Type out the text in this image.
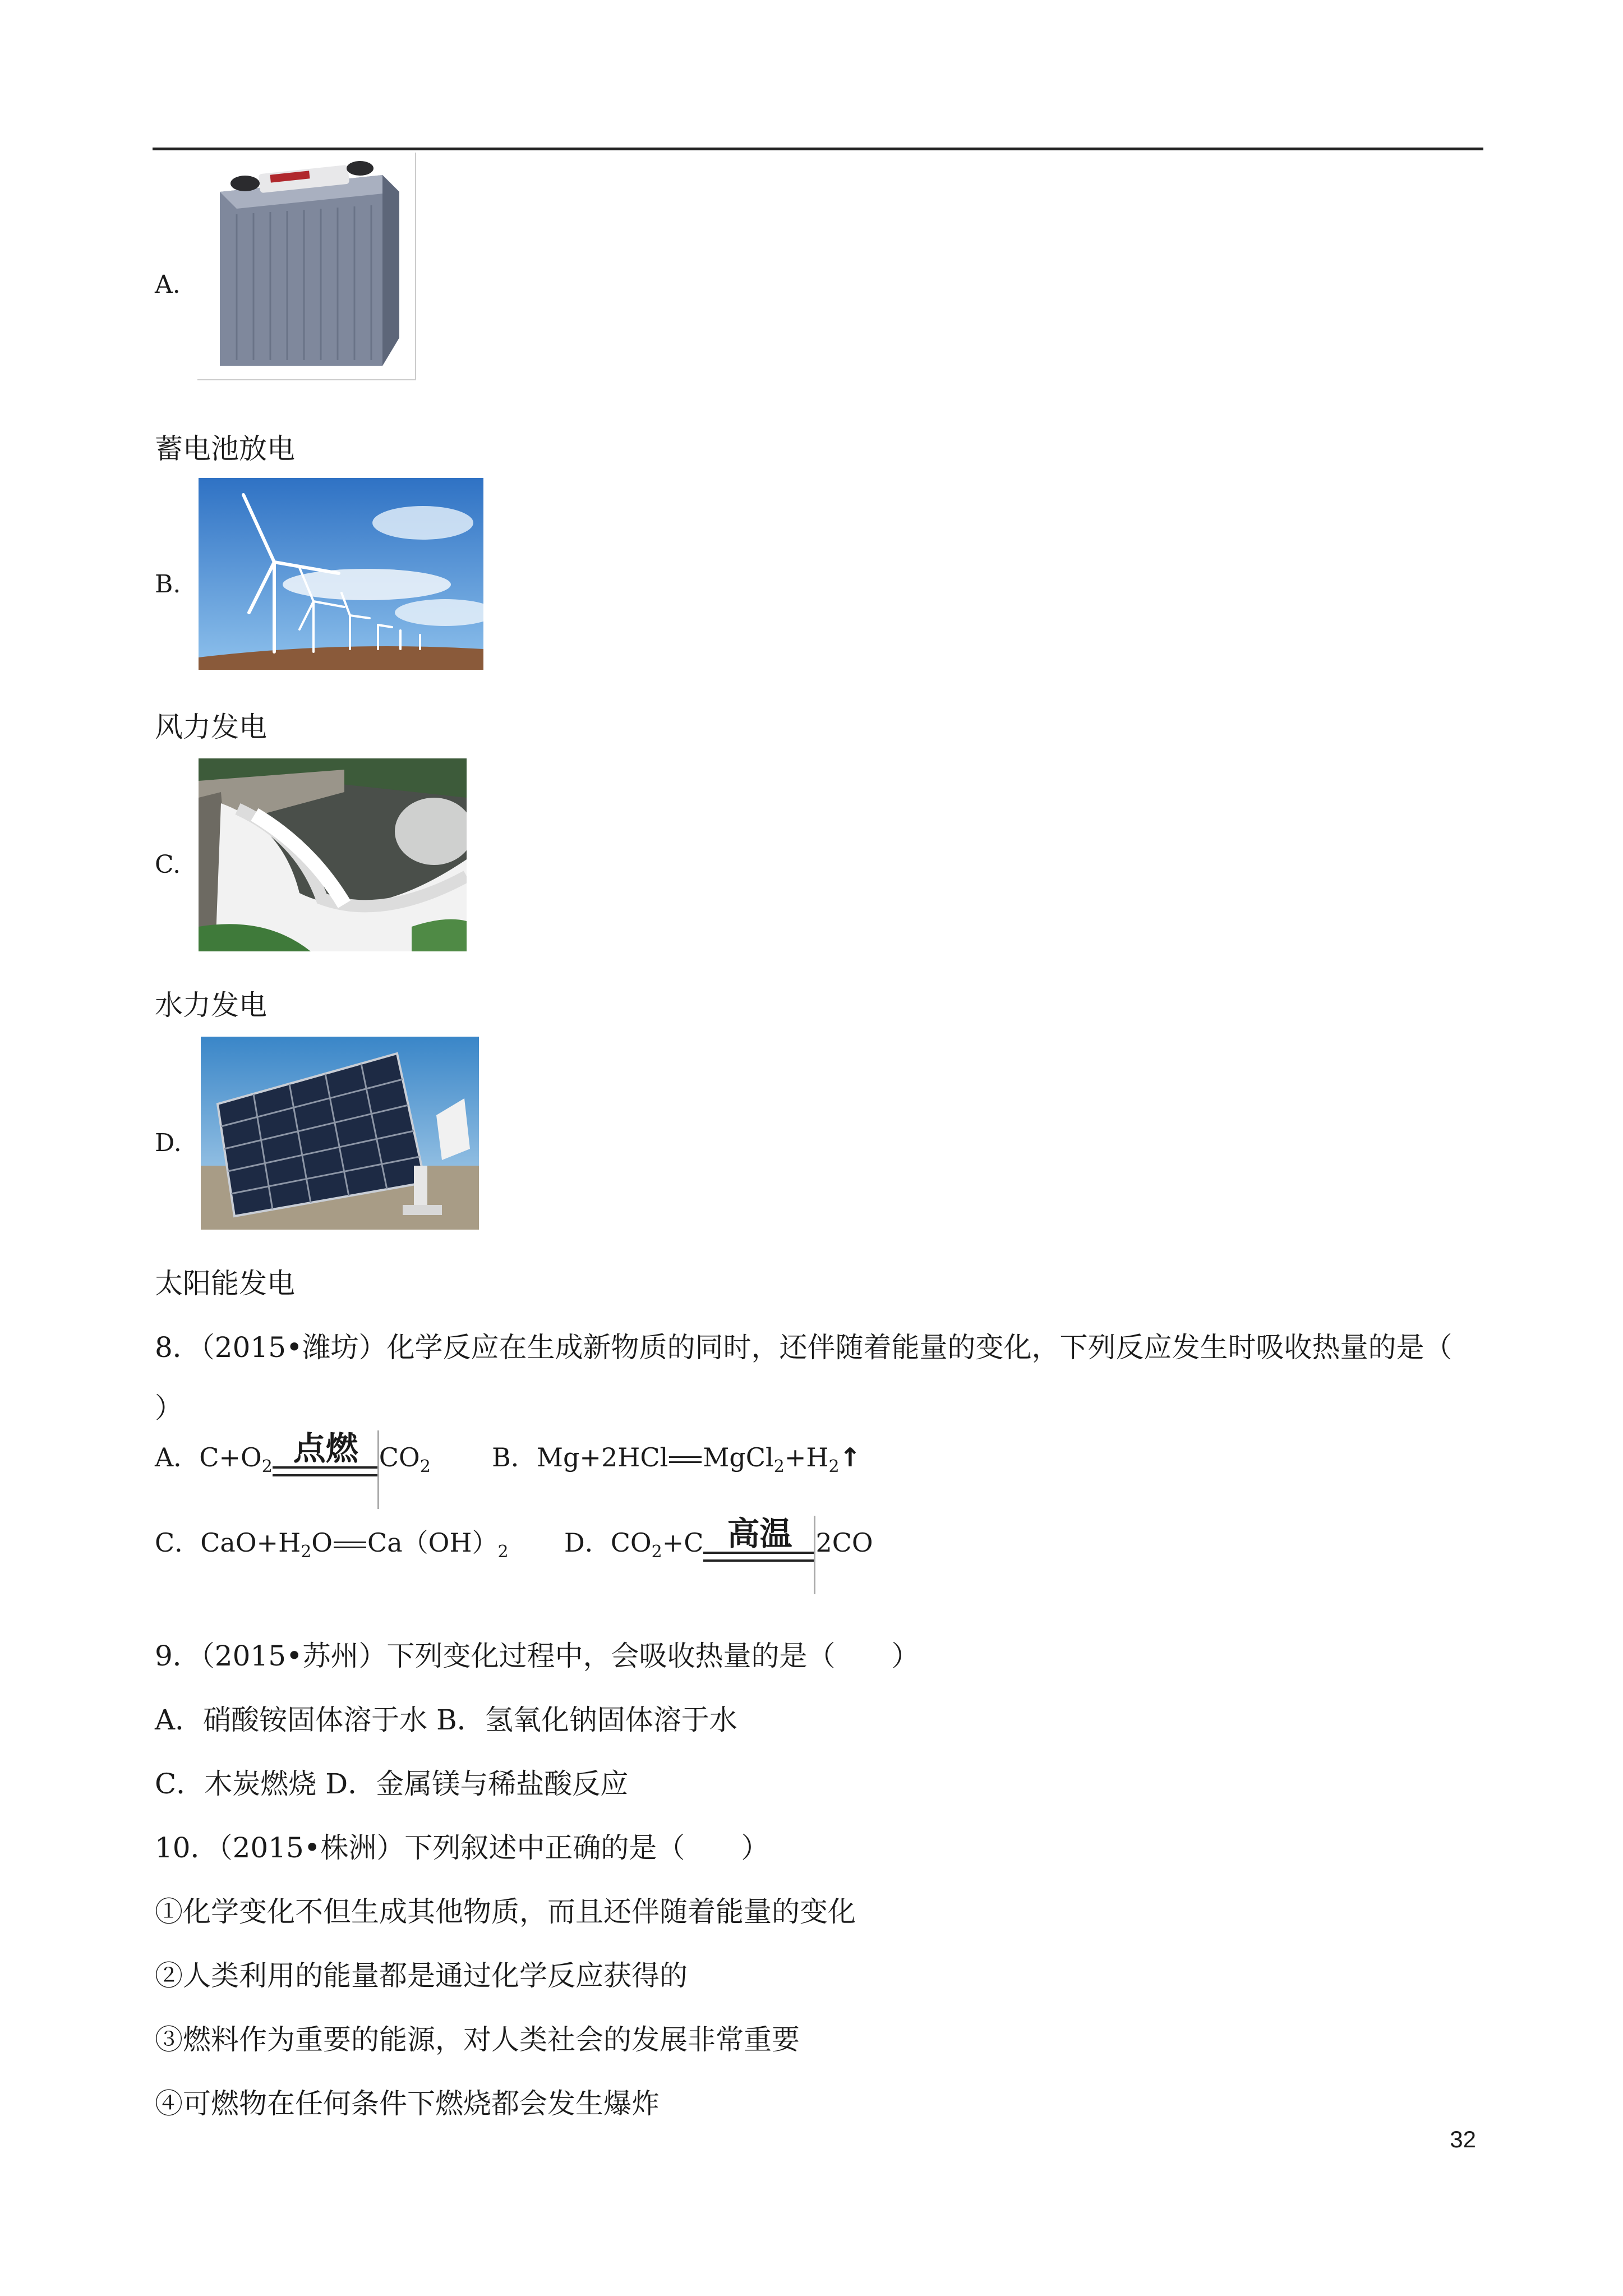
A.
蓄电池放电
B.
风力发电
C.
水力发电
D.
太阳能发电
8．（2015•潍坊）化学反应在生成新物质的同时，还伴随着能量的变化，下列反应发生时吸收热量的是（
）
A．$C+O_2$ 点燃 $CO_2$ B．Mg+2HCl $MgCl_2+H_2↑$
C．$CaO+H_2O$ $Ca(OH)_2$ D．$CO_2+C$ 高温 2CO
9．（2015•苏州）下列变化过程中，会吸收热量的是（　　）
A．硝酸铵固体溶于水 B．氢氧化钠固体溶于水
C．木炭燃烧 D．金属镁与稀盐酸反应
10．（2015•株洲）下列叙述中正确的是（　　）
①化学变化不但生成其他物质，而且还伴随着能量的变化
②人类利用的能量都是通过化学反应获得的
③燃料作为重要的能源，对人类社会的发展非常重要
④可燃物在任何条件下燃烧都会发生爆炸
32
